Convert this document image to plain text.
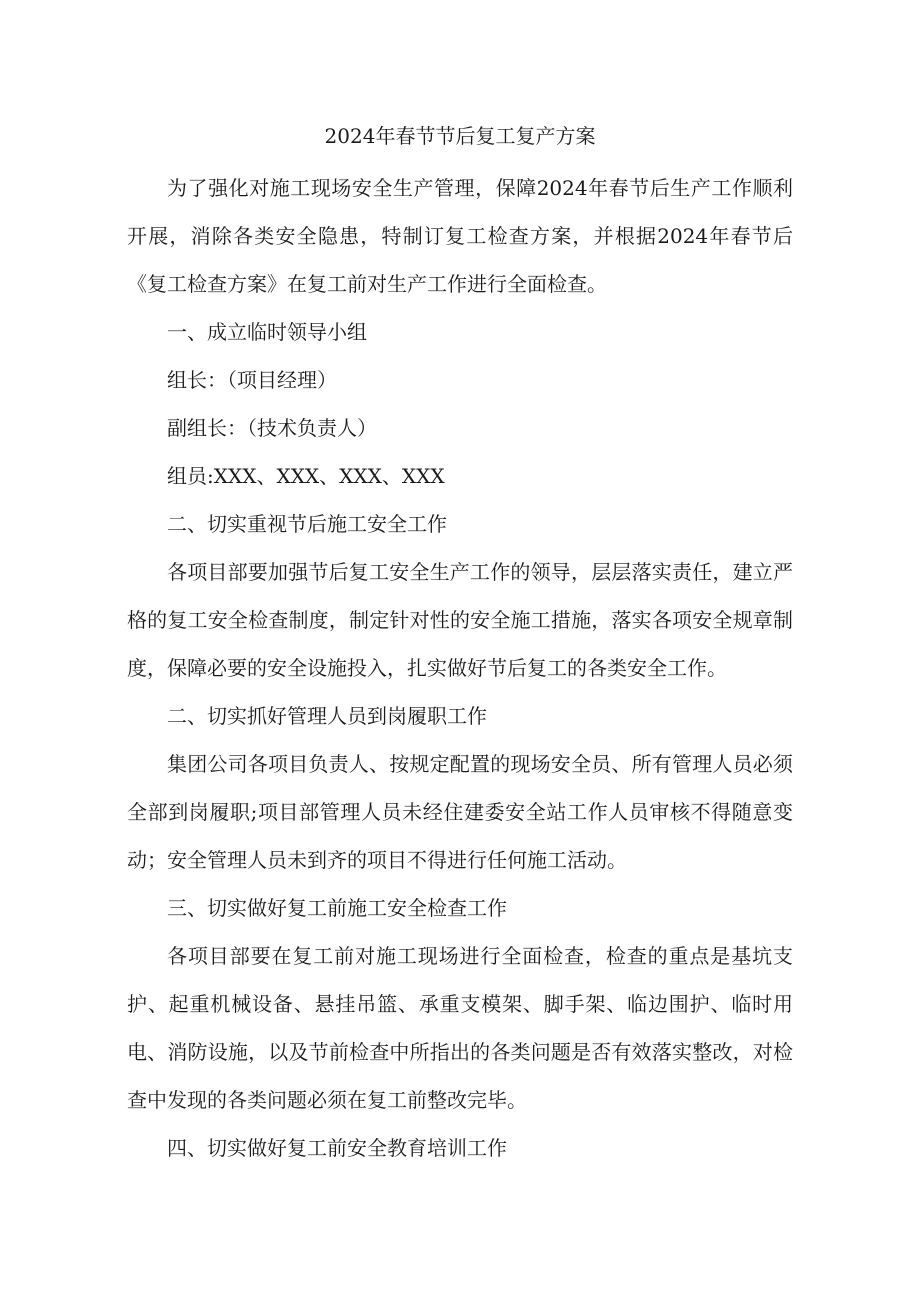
2024年春节节后复工复产方案

为了强化对施工现场安全生产管理，保障2024年春节后生产工作顺利开展，消除各类安全隐患，特制订复工检查方案，并根据2024年春节后《复工检查方案》在复工前对生产工作进行全面检查。

一、成立临时领导小组

组长：（项目经理）

副组长：（技术负责人）

组员:XXX、XXX、XXX、XXX

二、切实重视节后施工安全工作

各项目部要加强节后复工安全生产工作的领导，层层落实责任，建立严格的复工安全检查制度，制定针对性的安全施工措施，落实各项安全规章制度，保障必要的安全设施投入，扎实做好节后复工的各类安全工作。

二、切实抓好管理人员到岗履职工作

集团公司各项目负责人、按规定配置的现场安全员、所有管理人员必须全部到岗履职;项目部管理人员未经住建委安全站工作人员审核不得随意变动；安全管理人员未到齐的项目不得进行任何施工活动。

三、切实做好复工前施工安全检查工作

各项目部要在复工前对施工现场进行全面检查，检查的重点是基坑支护、起重机械设备、悬挂吊篮、承重支模架、脚手架、临边围护、临时用电、消防设施，以及节前检查中所指出的各类问题是否有效落实整改，对检查中发现的各类问题必须在复工前整改完毕。

四、切实做好复工前安全教育培训工作
